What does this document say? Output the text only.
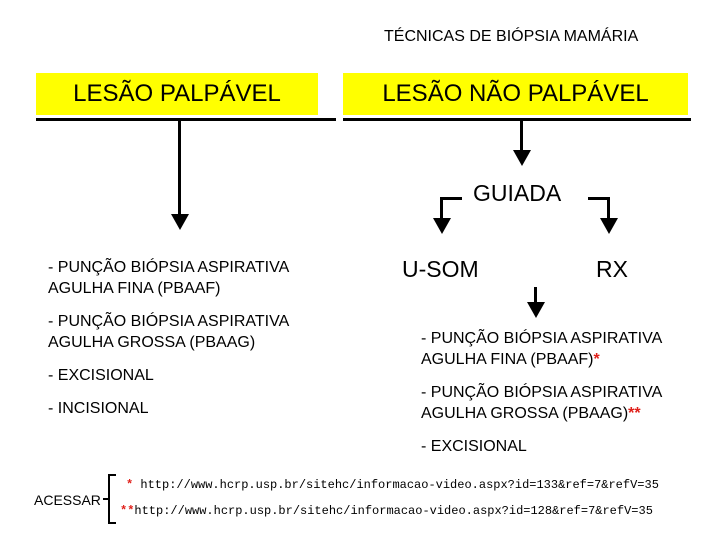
TÉCNICAS DE BIÓPSIA MAMÁRIA
LESÃO PALPÁVEL	LESÃO NÃO PALPÁVEL
GUIADA
U-SOM	RX
- PUNÇÃO BIÓPSIA ASPIRATIVA
AGULHA FINA (PBAAF)
- PUNÇÃO BIÓPSIA ASPIRATIVA
AGULHA GROSSA (PBAAG)
- EXCISIONAL
- INCISIONAL
- PUNÇÃO BIÓPSIA ASPIRATIVA
AGULHA FINA (PBAAF)*
- PUNÇÃO BIÓPSIA ASPIRATIVA
AGULHA GROSSA (PBAAG)**
- EXCISIONAL
ACESSAR
* http://www.hcrp.usp.br/sitehc/informacao-video.aspx?id=133&ref=7&refV=35
**http://www.hcrp.usp.br/sitehc/informacao-video.aspx?id=128&ref=7&refV=35
